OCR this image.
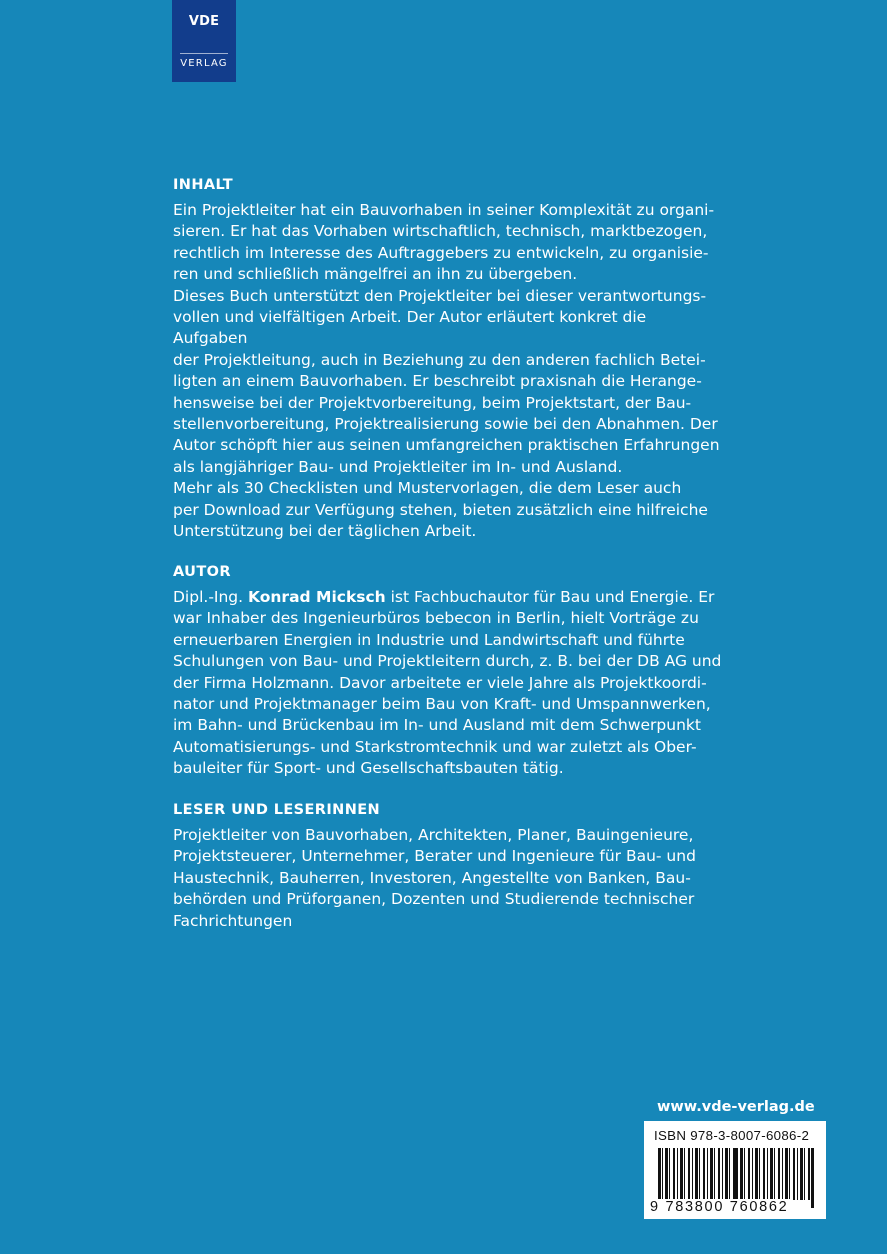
VDE
VERLAG
INHALT

Ein Projektleiter hat ein Bauvorhaben in seiner Komplexität zu organi-
sieren. Er hat das Vorhaben wirtschaftlich, technisch, marktbezogen,
rechtlich im Interesse des Auftraggebers zu entwickeln, zu organisie-
ren und schließlich mängelfrei an ihn zu übergeben.

Dieses Buch unterstützt den Projektleiter bei dieser verantwortungs-
vollen und vielfältigen Arbeit. Der Autor erläutert konkret die Aufgaben
der Projektleitung, auch in Beziehung zu den anderen fachlich Betei-
ligten an einem Bauvorhaben. Er beschreibt praxisnah die Herange-
hensweise bei der Projektvorbereitung, beim Projektstart, der Bau-
stellenvorbereitung, Projektrealisierung sowie bei den Abnahmen. Der
Autor schöpft hier aus seinen umfangreichen praktischen Erfahrungen
als langjähriger Bau- und Projektleiter im In- und Ausland.

Mehr als 30 Checklisten und Mustervorlagen, die dem Leser auch
per Download zur Verfügung stehen, bieten zusätzlich eine hilfreiche
Unterstützung bei der täglichen Arbeit.

AUTOR

Dipl.-Ing. Konrad Micksch ist Fachbuchautor für Bau und Energie. Er
war Inhaber des Ingenieurbüros bebecon in Berlin, hielt Vorträge zu
erneuerbaren Energien in Industrie und Landwirtschaft und führte
Schulungen von Bau- und Projektleitern durch, z. B. bei der DB AG und
der Firma Holzmann. Davor arbeitete er viele Jahre als Projektkoordi-
nator und Projektmanager beim Bau von Kraft- und Umspannwerken,
im Bahn- und Brückenbau im In- und Ausland mit dem Schwerpunkt
Automatisierungs- und Starkstromtechnik und war zuletzt als Ober-
bauleiter für Sport- und Gesellschaftsbauten tätig.

LESER UND LESERINNEN

Projektleiter von Bauvorhaben, Architekten, Planer, Bauingenieure,
Projektsteuerer, Unternehmer, Berater und Ingenieure für Bau- und
Haustechnik, Bauherren, Investoren, Angestellte von Banken, Bau-
behörden und Prüforganen, Dozenten und Studierende technischer
Fachrichtungen

www.vde-verlag.de
ISBN 978-3-8007-6086-2
9 783800 760862
